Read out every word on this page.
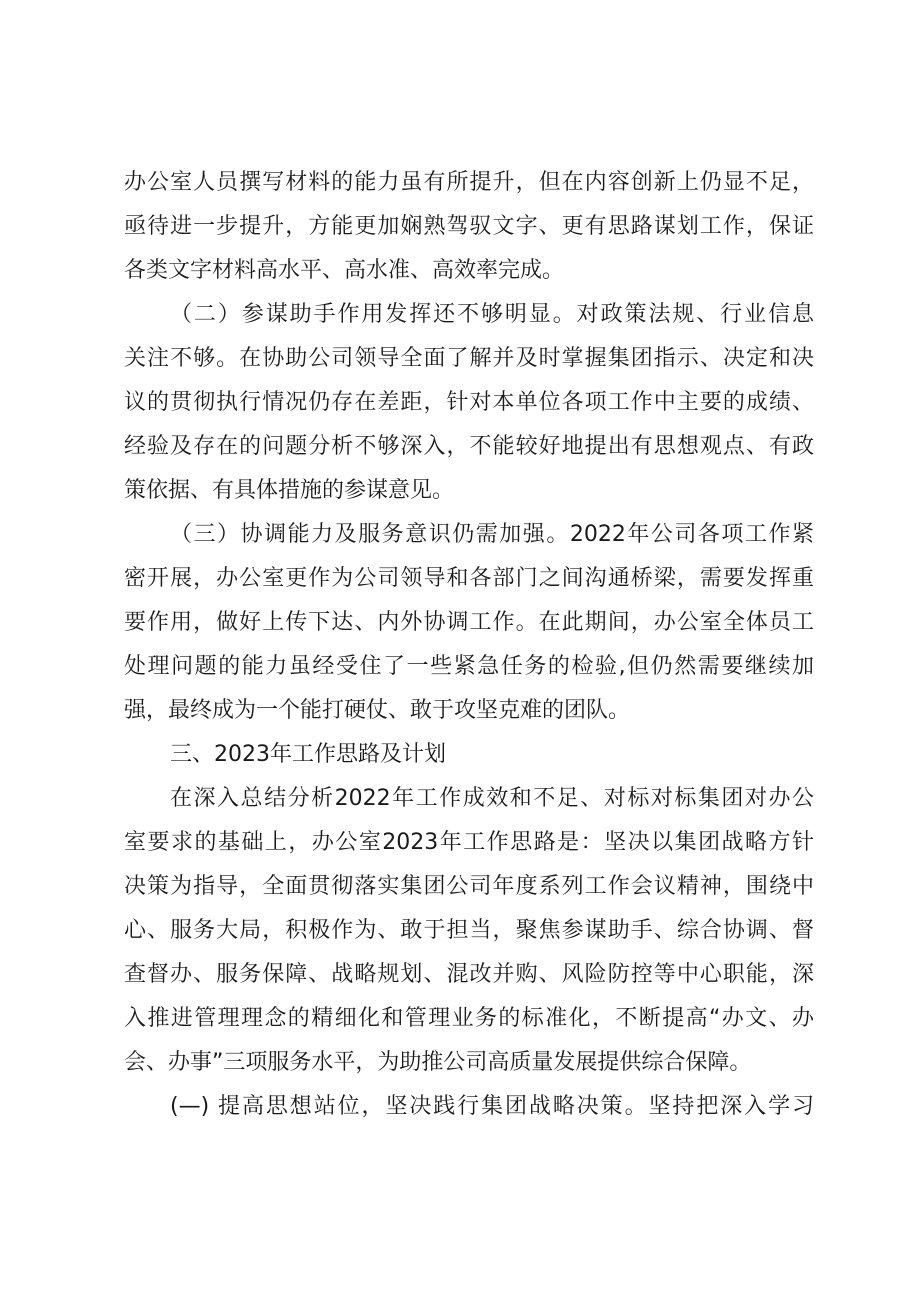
办公室人员撰写材料的能力虽有所提升，但在内容创新上仍显不足，
亟待进一步提升，方能更加娴熟驾驭文字、更有思路谋划工作，保证
各类文字材料高水平、高水准、高效率完成。
（二）参谋助手作用发挥还不够明显。对政策法规、行业信息
关注不够。在协助公司领导全面了解并及时掌握集团指示、决定和决
议的贯彻执行情况仍存在差距，针对本单位各项工作中主要的成绩、
经验及存在的问题分析不够深入，不能较好地提出有思想观点、有政
策依据、有具体措施的参谋意见。
（三）协调能力及服务意识仍需加强。2022年公司各项工作紧
密开展，办公室更作为公司领导和各部门之间沟通桥梁，需要发挥重
要作用，做好上传下达、内外协调工作。在此期间，办公室全体员工
处理问题的能力虽经受住了一些紧急任务的检验,但仍然需要继续加
强，最终成为一个能打硬仗、敢于攻坚克难的团队。
三、2023年工作思路及计划
在深入总结分析2022年工作成效和不足、对标对标集团对办公
室要求的基础上，办公室2023年工作思路是：坚决以集团战略方针
决策为指导，全面贯彻落实集团公司年度系列工作会议精神，围绕中
心、服务大局，积极作为、敢于担当，聚焦参谋助手、综合协调、督
查督办、服务保障、战略规划、混改并购、风险防控等中心职能，深
入推进管理理念的精细化和管理业务的标准化，不断提高“办文、办
会、办事”三项服务水平，为助推公司高质量发展提供综合保障。
(—) 提高思想站位，坚决践行集团战略决策。坚持把深入学习
